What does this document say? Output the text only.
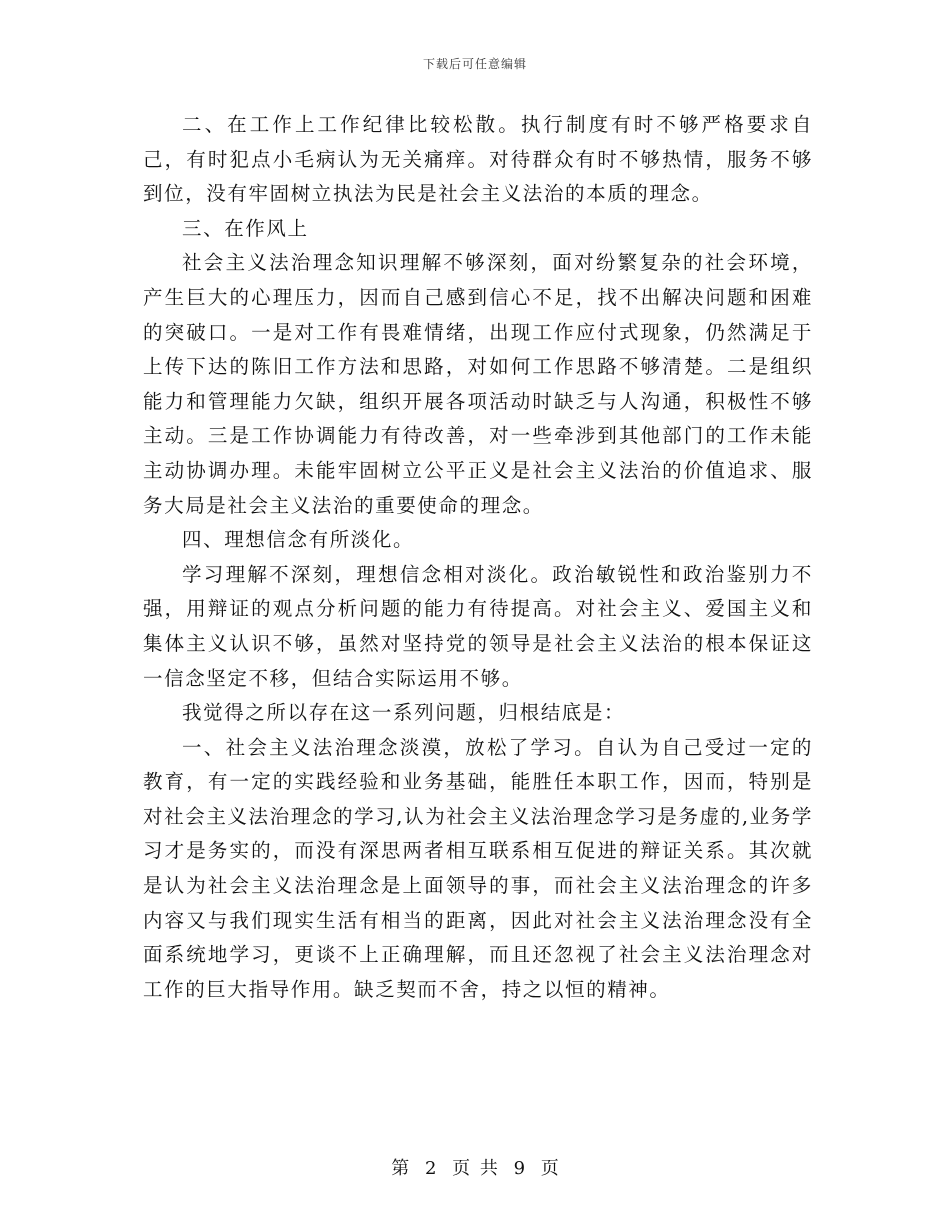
下载后可任意编辑

二、在工作上工作纪律比较松散。执行制度有时不够严格要求自己，有时犯点小毛病认为无关痛痒。对待群众有时不够热情，服务不够到位，没有牢固树立执法为民是社会主义法治的本质的理念。

三、在作风上

社会主义法治理念知识理解不够深刻，面对纷繁复杂的社会环境，产生巨大的心理压力，因而自己感到信心不足，找不出解决问题和困难的突破口。一是对工作有畏难情绪，出现工作应付式现象，仍然满足于上传下达的陈旧工作方法和思路，对如何工作思路不够清楚。二是组织能力和管理能力欠缺，组织开展各项活动时缺乏与人沟通，积极性不够主动。三是工作协调能力有待改善，对一些牵涉到其他部门的工作未能主动协调办理。未能牢固树立公平正义是社会主义法治的价值追求、服务大局是社会主义法治的重要使命的理念。

四、理想信念有所淡化。

学习理解不深刻，理想信念相对淡化。政治敏锐性和政治鉴别力不强，用辩证的观点分析问题的能力有待提高。对社会主义、爱国主义和集体主义认识不够，虽然对坚持党的领导是社会主义法治的根本保证这一信念坚定不移，但结合实际运用不够。

我觉得之所以存在这一系列问题，归根结底是：

一、社会主义法治理念淡漠，放松了学习。自认为自己受过一定的教育，有一定的实践经验和业务基础，能胜任本职工作，因而，特别是对社会主义法治理念的学习,认为社会主义法治理念学习是务虚的,业务学习才是务实的，而没有深思两者相互联系相互促进的辩证关系。其次就是认为社会主义法治理念是上面领导的事，而社会主义法治理念的许多内容又与我们现实生活有相当的距离，因此对社会主义法治理念没有全面系统地学习，更谈不上正确理解，而且还忽视了社会主义法治理念对工作的巨大指导作用。缺乏契而不舍，持之以恒的精神。

第 2 页 共 9 页
